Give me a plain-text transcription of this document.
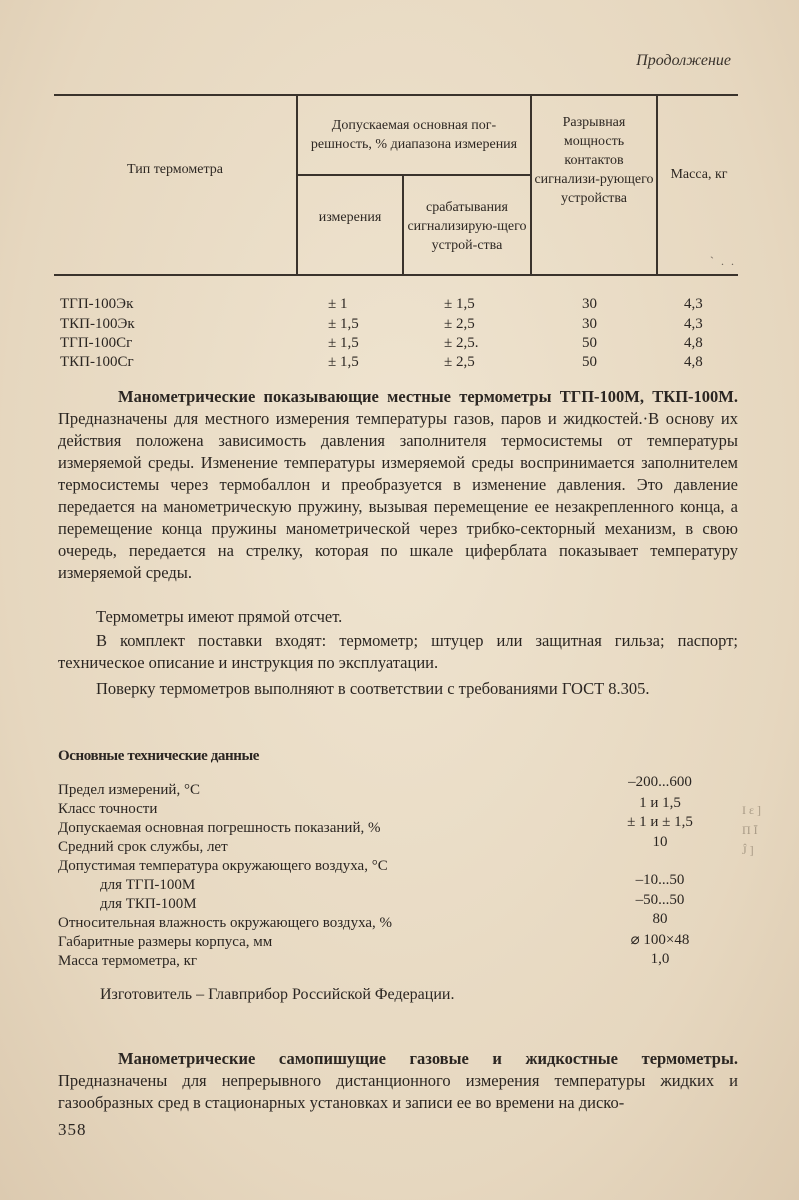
Продолжение
Тип термометра
Допускаемая основная пог-решность, % диапазона измерения
измерения
срабатывания сигнализирую-щего устрой-ства
Разрывная мощность контактов сигнализи-рующего устройства
Масса, кг
` . .
ТГП-100Эк	± 1	± 1,5	30	4,3
ТКП-100Эк	± 1,5	± 2,5	30	4,3
ТГП-100Сг	± 1,5	± 2,5.	50	4,8
ТКП-100Сг	± 1,5	± 2,5	50	4,8
Манометрические показывающие местные термометры ТГП-100М, ТКП-100М. Предназначены для местного измерения температуры газов, паров и жидкостей.·В основу их действия положена зависимость давления заполнителя термосистемы от температуры измеряемой среды. Изменение температуры измеряемой среды воспринимается заполнителем термосистемы через термобаллон и преобразуется в изменение давления. Это давление передается на манометрическую пружину, вызывая перемещение ее незакрепленного конца, а перемещение конца пружины манометрической через трибко-секторный механизм, в свою очередь, передается на стрелку, которая по шкале циферблата показывает температуру измеряемой среды.
Термометры имеют прямой отсчет.
В комплект поставки входят: термометр; штуцер или защитная гильза; паспорт; техническое описание и инструкция по эксплуатации.
Поверку термометров выполняют в соответствии с требованиями ГОСТ 8.305.
Основные технические данные
Предел измерений, °С	–200...600
Класс точности	1 и 1,5
Допускаемая основная погрешность показаний, %	± 1 и ± 1,5
Средний срок службы, лет	10
Допустимая температура окружающего воздуха, °С
для ТГП-100М	–10...50
для ТКП-100М	–50...50
Относительная влажность окружающего воздуха, %	80
Габаритные размеры корпуса, мм	⌀ 100×48
Масса термометра, кг	1,0
Изготовитель – Главприбор Российской Федерации.
Манометрические самопишущие газовые и жидкостные термометры. Предназначены для непрерывного дистанционного измерения температуры жидких и газообразных сред в стационарных установках и записи ее во времени на диско-
358
I ε ] П Ī Ĵ ]
